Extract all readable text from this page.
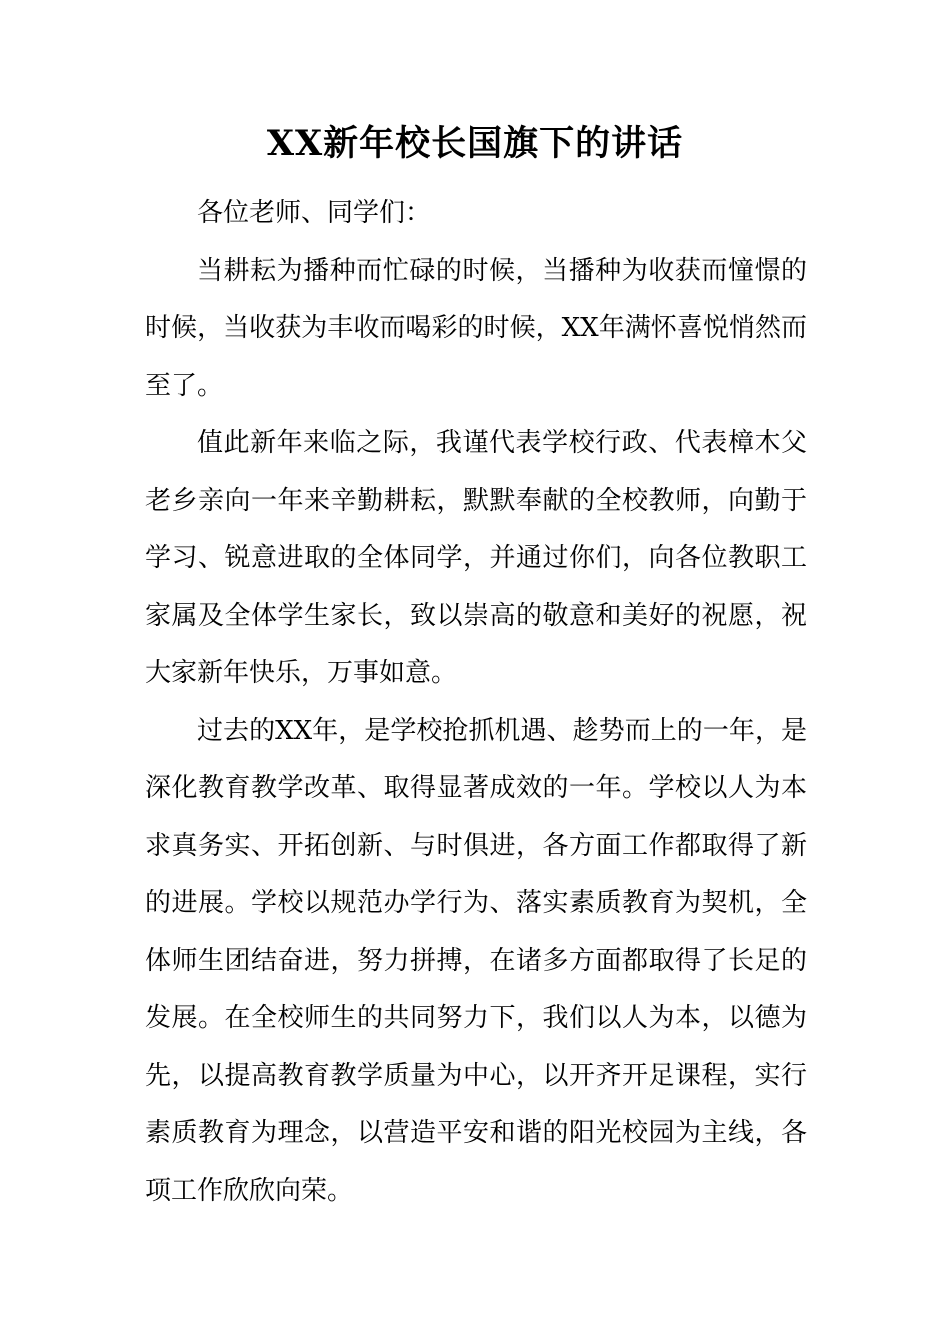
XX新年校长国旗下的讲话

各位老师、同学们：

当耕耘为播种而忙碌的时候，当播种为收获而憧憬的时候，当收获为丰收而喝彩的时候，XX年满怀喜悦悄然而至了。

值此新年来临之际，我谨代表学校行政、代表樟木父老乡亲向一年来辛勤耕耘，默默奉献的全校教师，向勤于学习、锐意进取的全体同学，并通过你们，向各位教职工家属及全体学生家长，致以崇高的敬意和美好的祝愿，祝大家新年快乐，万事如意。

过去的XX年，是学校抢抓机遇、趁势而上的一年，是深化教育教学改革、取得显著成效的一年。学校以人为本求真务实、开拓创新、与时俱进，各方面工作都取得了新的进展。学校以规范办学行为、落实素质教育为契机，全体师生团结奋进，努力拼搏，在诸多方面都取得了长足的发展。在全校师生的共同努力下，我们以人为本，以德为先，以提高教育教学质量为中心，以开齐开足课程，实行素质教育为理念，以营造平安和谐的阳光校园为主线，各项工作欣欣向荣。
